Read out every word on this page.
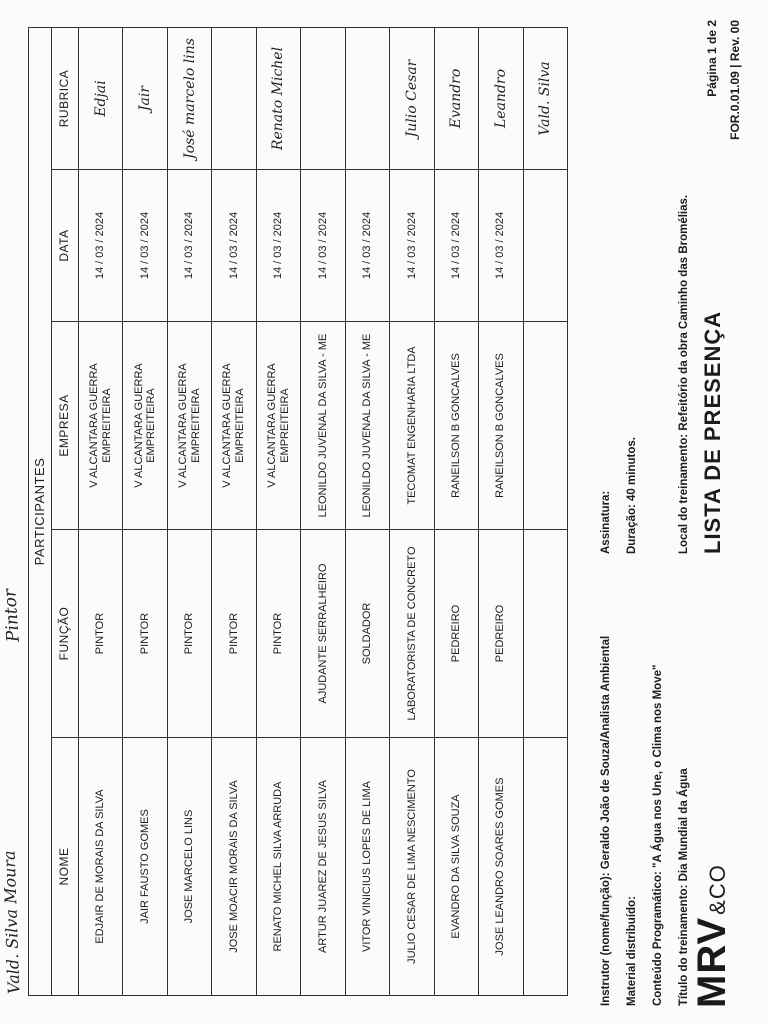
MRV&CO
LISTA DE PRESENÇA
FOR.0.01.09 | Rev. 00
Página 1 de 2
Título do treinamento: Dia Mundial da Água
Local do treinamento: Refeitório da obra Caminho das Bromélias.
Conteúdo Programático: "A Água nos Une, o Clima nos Move"
Material distribuído:
Duração: 40 minutos.
Instrutor (nome/função): Geraldo João de Souza/Analista Ambiental
Assinatura:
PARTICIPANTES				
NOME	FUNÇÃO	EMPRESA	DATA	RUBRICA
EDJAIR DE MORAIS DA SILVA	PINTOR	V ALCANTARA GUERRA EMPREITEIRA	14 / 03 / 2024	Edjai
JAIR FAUSTO GOMES	PINTOR	V ALCANTARA GUERRA EMPREITEIRA	14 / 03 / 2024	Jair
JOSE MARCELO LINS	PINTOR	V ALCANTARA GUERRA EMPREITEIRA	14 / 03 / 2024	José marcelo lins
JOSE MOACIR MORAIS DA SILVA	PINTOR	V ALCANTARA GUERRA EMPREITEIRA	14 / 03 / 2024	
RENATO MICHEL SILVA ARRUDA	PINTOR	V ALCANTARA GUERRA EMPREITEIRA	14 / 03 / 2024	Renato Michel
ARTUR JUAREZ DE JESUS SILVA	AJUDANTE SERRALHEIRO	LEONILDO JUVENAL DA SILVA - ME	14 / 03 / 2024	
VITOR VINICIUS LOPES DE LIMA	SOLDADOR	LEONILDO JUVENAL DA SILVA - ME	14 / 03 / 2024	
JULIO CESAR DE LIMA NESCIMENTO	LABORATORISTA DE CONCRETO	TECOMAT ENGENHARIA LTDA	14 / 03 / 2024	Julio Cesar
EVANDRO DA SILVA SOUZA	PEDREIRO	RANEILSON B GONCALVES	14 / 03 / 2024	Evandro
JOSE LEANDRO SOARES GOMES	PEDREIRO	RANEILSON B GONCALVES	14 / 03 / 2024	Leandro
				Vald. Silva
Vald. Silva Moura
Pintor
